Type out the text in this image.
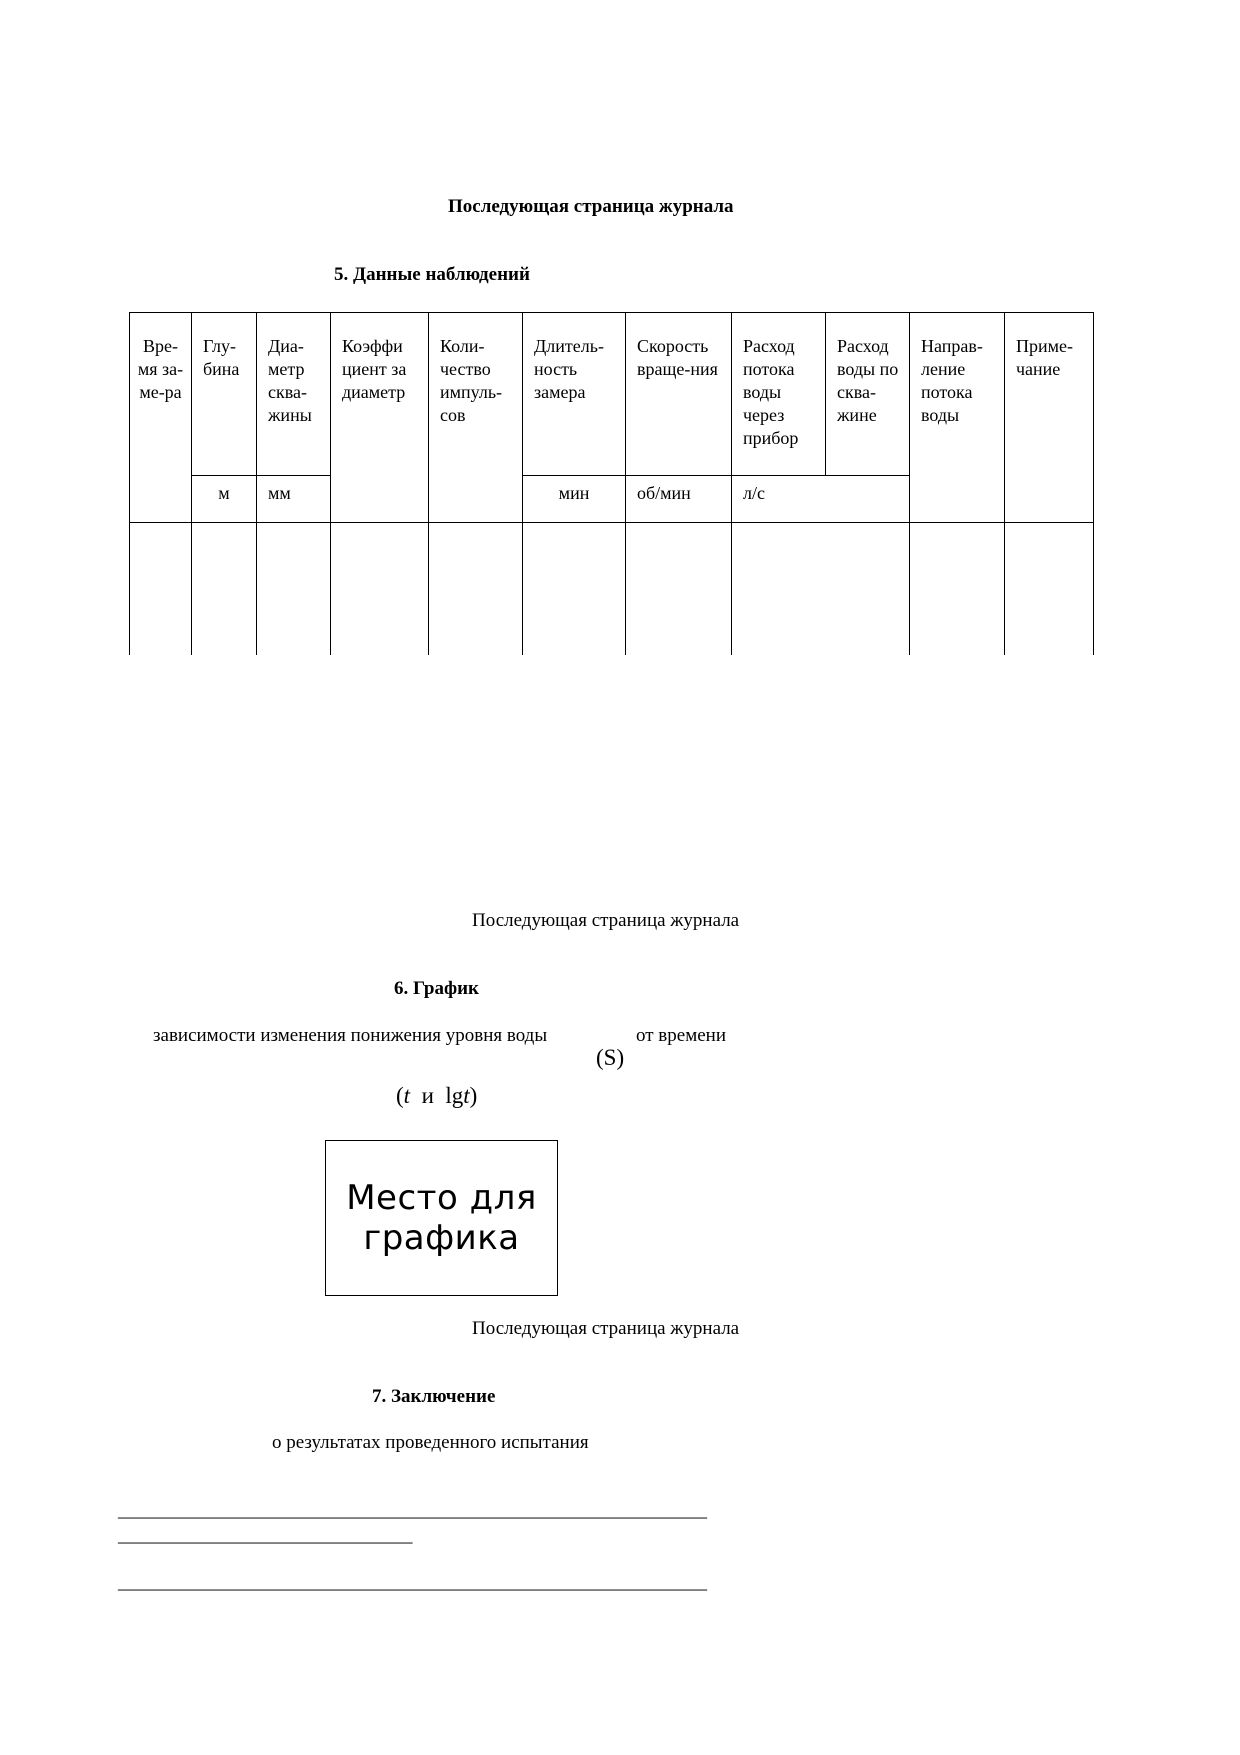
Последующая страница журнала
5. Данные наблюдений
Вре-мя за-ме-ра	Глу-бина	Диа-метр сква-жины	Коэффи циент за диаметр	Коли-чество импуль-сов	Длитель-ность замера	Скорость враще-ния	Расход потока воды через прибор	Расход воды по сква-жине	Направ-ление потока воды	Приме-чание
	м	мм			мин	об/мин	л/с			

Последующая страница журнала
6. График
зависимости изменения понижения уровня воды
(S)
от времени
(t и lgt)
Место для
графика
Последующая страница журнала
7. Заключение
о результатах проведенного испытания
______________________________________________________________
_______________________________
______________________________________________________________
